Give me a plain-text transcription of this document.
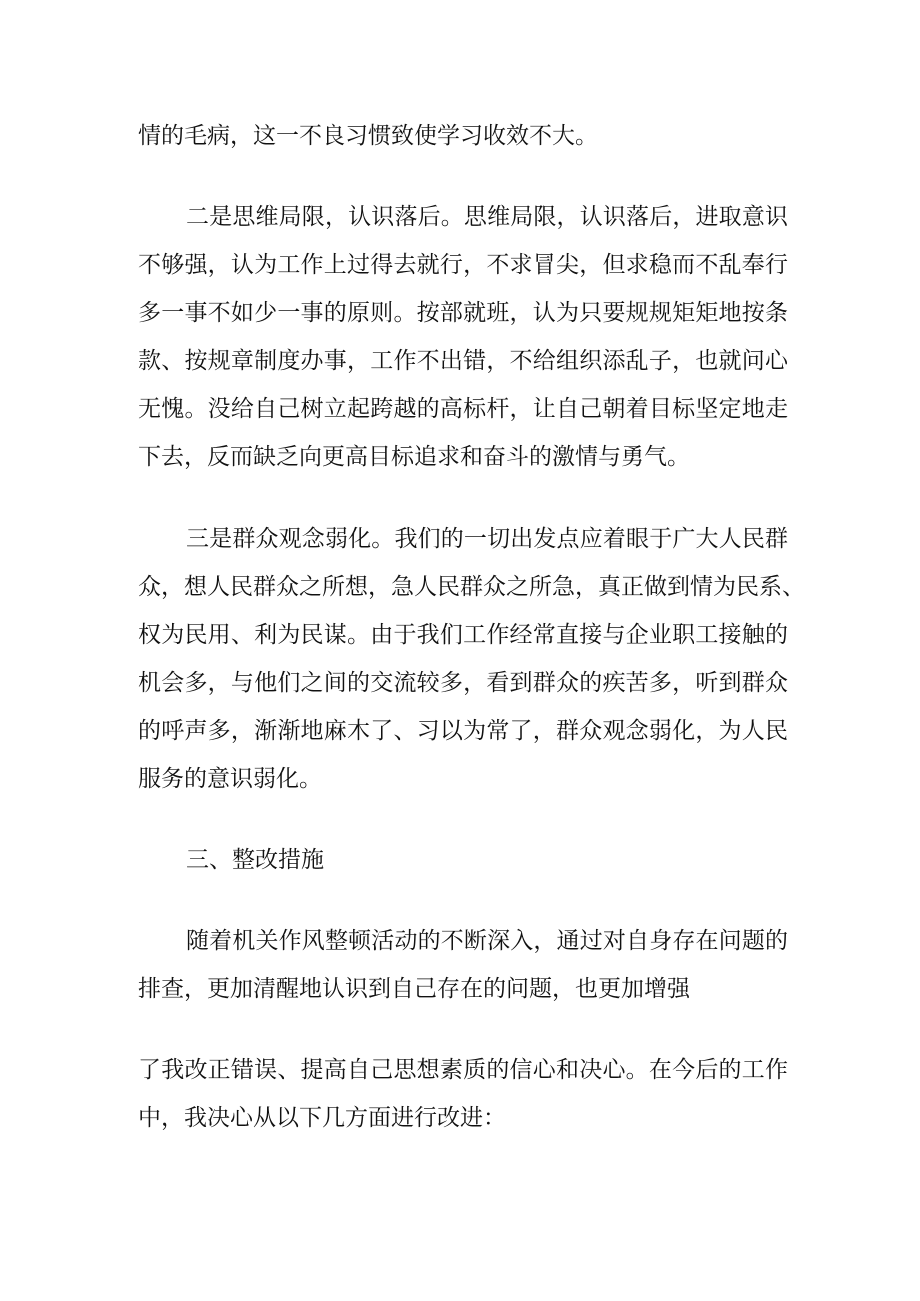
情的毛病，这一不良习惯致使学习收效不大。
二是思维局限，认识落后。思维局限，认识落后，进取意识
不够强，认为工作上过得去就行，不求冒尖，但求稳而不乱奉行
多一事不如少一事的原则。按部就班，认为只要规规矩矩地按条
款、按规章制度办事，工作不出错，不给组织添乱子，也就问心
无愧。没给自己树立起跨越的高标杆，让自己朝着目标坚定地走
下去，反而缺乏向更高目标追求和奋斗的激情与勇气。
三是群众观念弱化。我们的一切出发点应着眼于广大人民群
众，想人民群众之所想，急人民群众之所急，真正做到情为民系、
权为民用、利为民谋。由于我们工作经常直接与企业职工接触的
机会多，与他们之间的交流较多，看到群众的疾苦多，听到群众
的呼声多，渐渐地麻木了、习以为常了，群众观念弱化，为人民
服务的意识弱化。
三、整改措施
随着机关作风整顿活动的不断深入，通过对自身存在问题的
排查，更加清醒地认识到自己存在的问题，也更加增强
了我改正错误、提高自己思想素质的信心和决心。在今后的工作
中，我决心从以下几方面进行改进：
